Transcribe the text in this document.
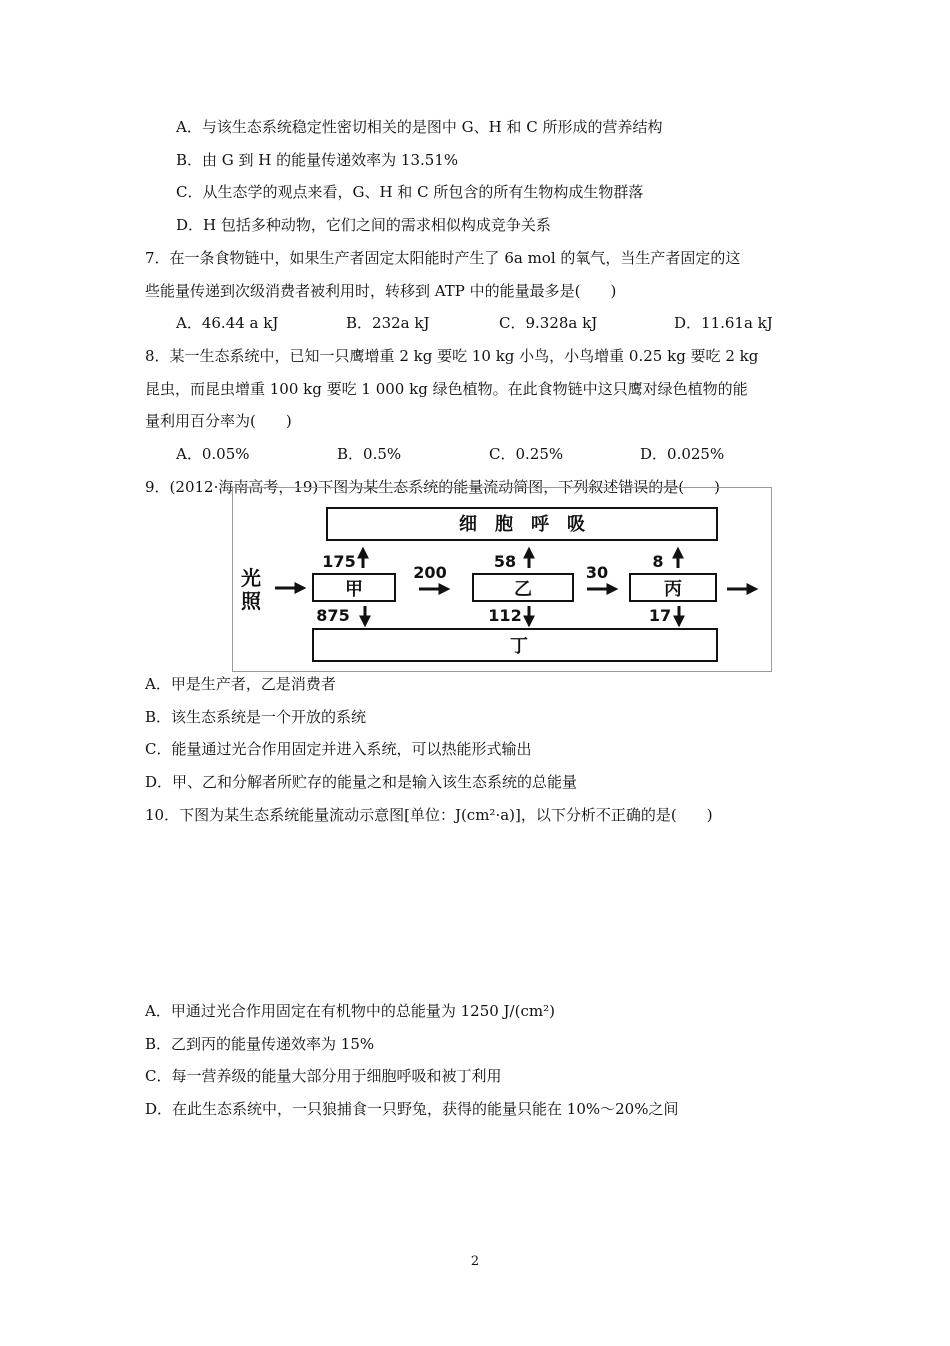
A．与该生态系统稳定性密切相关的是图中 G、H 和 C 所形成的营养结构
B．由 G 到 H 的能量传递效率为 13.51%
C．从生态学的观点来看，G、H 和 C 所包含的所有生物构成生物群落
D．H 包括多种动物，它们之间的需求相似构成竞争关系
7．在一条食物链中，如果生产者固定太阳能时产生了 6a mol 的氧气，当生产者固定的这
些能量传递到次级消费者被利用时，转移到 ATP 中的能量最多是(　　)
A．46.44 a kJ	B．232a kJ	C．9.328a kJ	D．11.61a kJ
8．某一生态系统中，已知一只鹰增重 2 kg 要吃 10 kg 小鸟，小鸟增重 0.25 kg 要吃 2 kg
昆虫，而昆虫增重 100 kg 要吃 1 000 kg 绿色植物。在此食物链中这只鹰对绿色植物的能
量利用百分率为(　　)
A．0.05%	B．0.5%	C．0.25%	D．0.025%
9．(2012·海南高考，19)下图为某生态系统的能量流动简图，下列叙述错误的是(　　)
细　胞　呼　吸
光
照	甲	乙	丙
200	30
175	58	8
875	112	17
丁
A．甲是生产者，乙是消费者
B．该生态系统是一个开放的系统
C．能量通过光合作用固定并进入系统，可以热能形式输出
D．甲、乙和分解者所贮存的能量之和是输入该生态系统的总能量
10．下图为某生态系统能量流动示意图[单位：J(cm²·a)]，以下分析不正确的是(　　)
A．甲通过光合作用固定在有机物中的总能量为 1250 J/(cm²)
B．乙到丙的能量传递效率为 15%
C．每一营养级的能量大部分用于细胞呼吸和被丁利用
D．在此生态系统中，一只狼捕食一只野兔，获得的能量只能在 10%～20%之间
2
